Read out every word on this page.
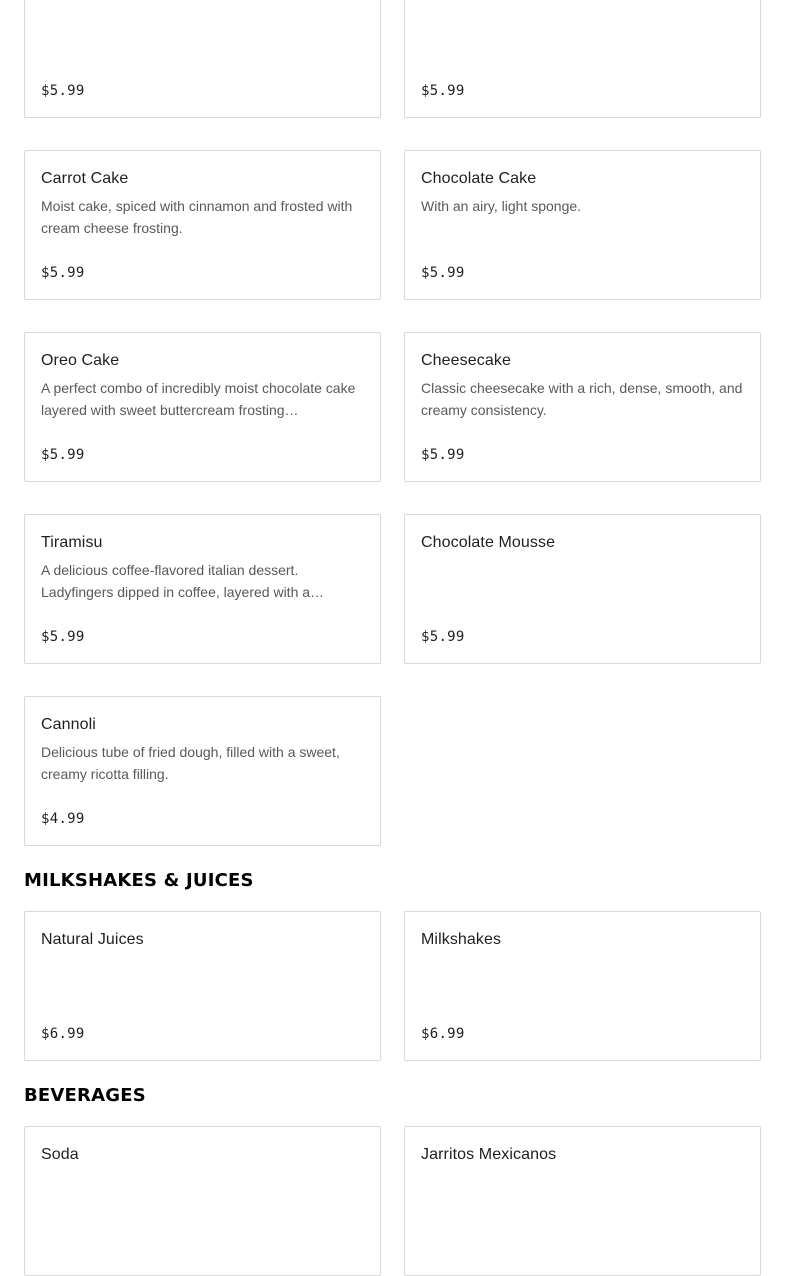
$5.99	$5.99
Carrot Cake
Moist cake, spiced with cinnamon and frosted with cream cheese frosting.
$5.99
Chocolate Cake
With an airy, light sponge.
$5.99
Oreo Cake
A perfect combo of incredibly moist chocolate cake layered with sweet buttercream frosting…
$5.99
Cheesecake
Classic cheesecake with a rich, dense, smooth, and creamy consistency.
$5.99
Tiramisu
A delicious coffee-flavored italian dessert. Ladyfingers dipped in coffee, layered with a…
$5.99
Chocolate Mousse
$5.99
Cannoli
Delicious tube of fried dough, filled with a sweet, creamy ricotta filling.
$4.99
MILKSHAKES & JUICES
Natural Juices
$6.99
Milkshakes
$6.99
BEVERAGES
Soda	Jarritos Mexicanos
